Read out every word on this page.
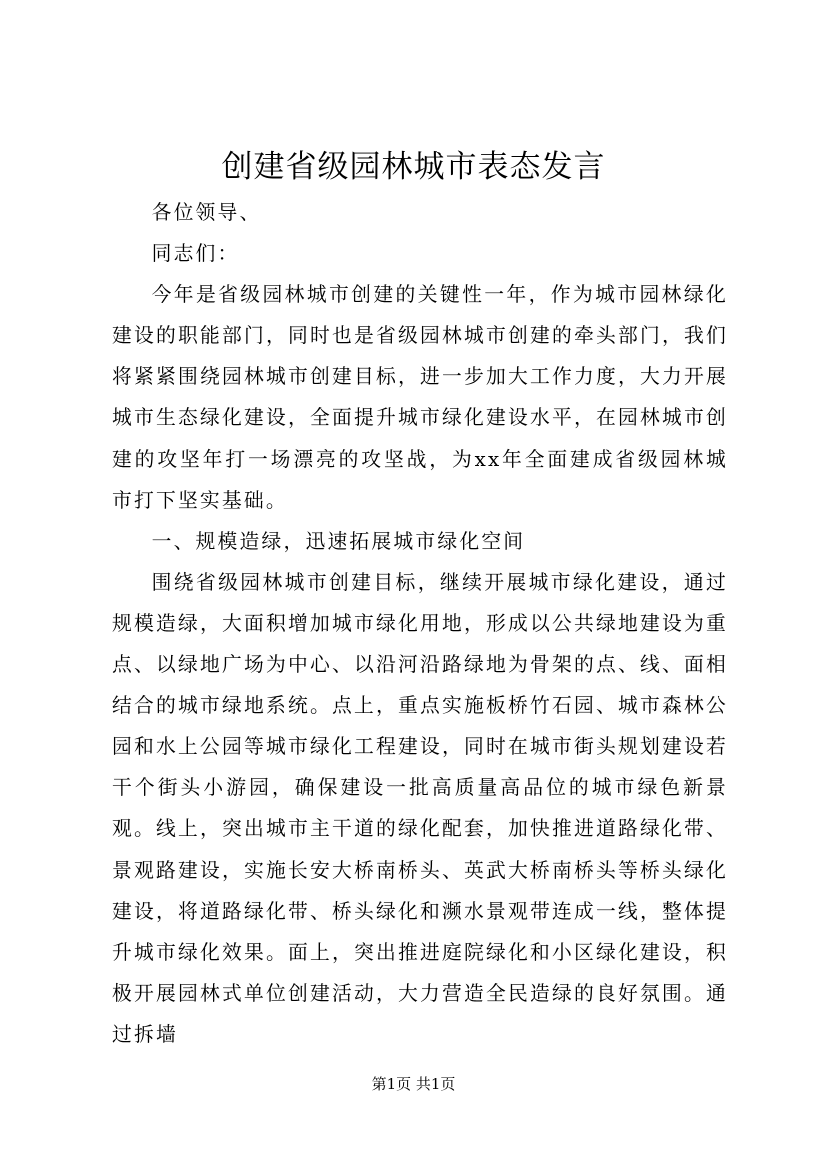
创建省级园林城市表态发言

各位领导、

同志们：

今年是省级园林城市创建的关键性一年，作为城市园林绿化建设的职能部门，同时也是省级园林城市创建的牵头部门，我们将紧紧围绕园林城市创建目标，进一步加大工作力度，大力开展城市生态绿化建设，全面提升城市绿化建设水平，在园林城市创建的攻坚年打一场漂亮的攻坚战，为xx年全面建成省级园林城市打下坚实基础。

一、规模造绿，迅速拓展城市绿化空间

围绕省级园林城市创建目标，继续开展城市绿化建设，通过规模造绿，大面积增加城市绿化用地，形成以公共绿地建设为重点、以绿地广场为中心、以沿河沿路绿地为骨架的点、线、面相结合的城市绿地系统。点上，重点实施板桥竹石园、城市森林公园和水上公园等城市绿化工程建设，同时在城市街头规划建设若干个街头小游园，确保建设一批高质量高品位的城市绿色新景观。线上，突出城市主干道的绿化配套，加快推进道路绿化带、景观路建设，实施长安大桥南桥头、英武大桥南桥头等桥头绿化建设，将道路绿化带、桥头绿化和濒水景观带连成一线，整体提升城市绿化效果。面上，突出推进庭院绿化和小区绿化建设，积极开展园林式单位创建活动，大力营造全民造绿的良好氛围。通过拆墙

第1页 共1页
